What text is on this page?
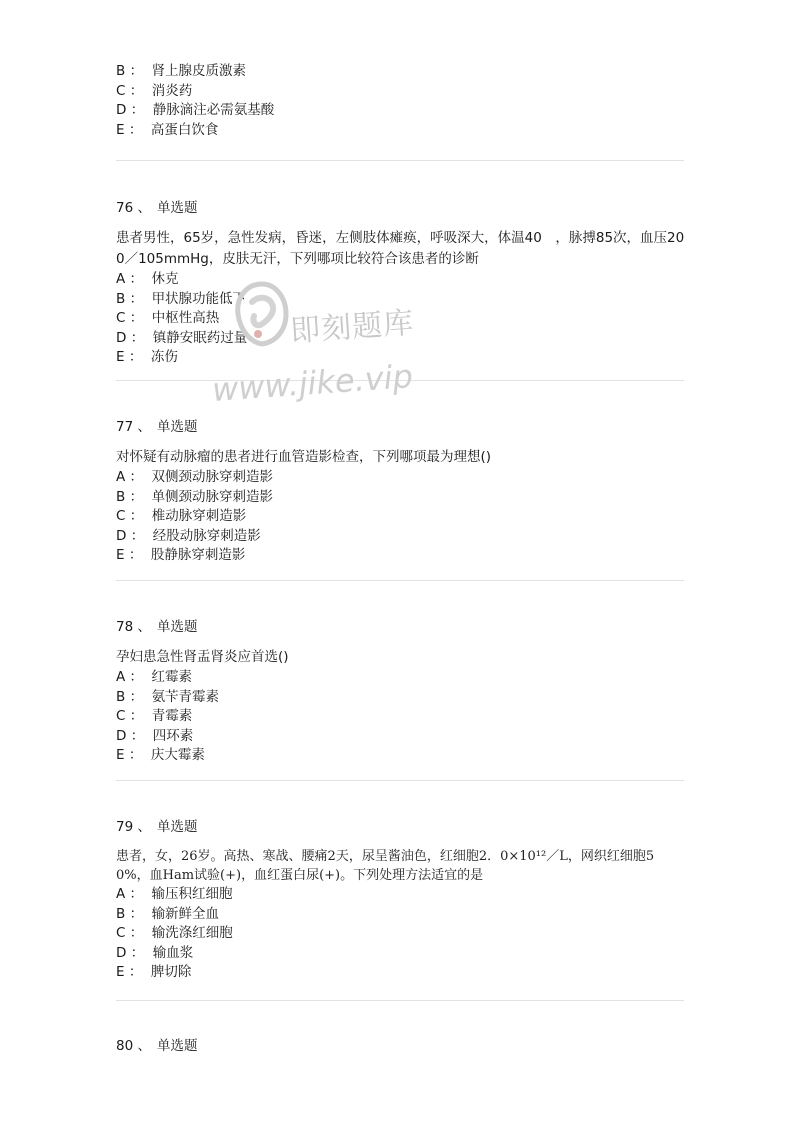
B ： 肾上腺皮质激素
C ： 消炎药
D ： 静脉滴注必需氨基酸
E ： 高蛋白饮食
76 、 单选题
患者男性，65岁，急性发病，昏迷，左侧肢体瘫痪，呼吸深大，体温40　，脉搏85次，血压200／105mmHg，皮肤无汗，下列哪项比较符合该患者的诊断
A ： 休克
B ： 甲状腺功能低下
C ： 中枢性高热
D ： 镇静安眠药过量
E ： 冻伤
77 、 单选题
对怀疑有动脉瘤的患者进行血管造影检查，下列哪项最为理想()
A ： 双侧颈动脉穿刺造影
B ： 单侧颈动脉穿刺造影
C ： 椎动脉穿刺造影
D ： 经股动脉穿刺造影
E ： 股静脉穿刺造影
78 、 单选题
孕妇患急性肾盂肾炎应首选()
A ： 红霉素
B ： 氨苄青霉素
C ： 青霉素
D ： 四环素
E ： 庆大霉素
79 、 单选题
患者，女，26岁。高热、寒战、腰痛2天，尿呈酱油色，红细胞2．0×10¹²／L，网织红细胞50%，血Ham试验(+)，血红蛋白尿(+)。下列处理方法适宜的是
A ： 输压积红细胞
B ： 输新鲜全血
C ： 输洗涤红细胞
D ： 输血浆
E ： 脾切除
80 、 单选题
即刻题库
www.jike.vip
